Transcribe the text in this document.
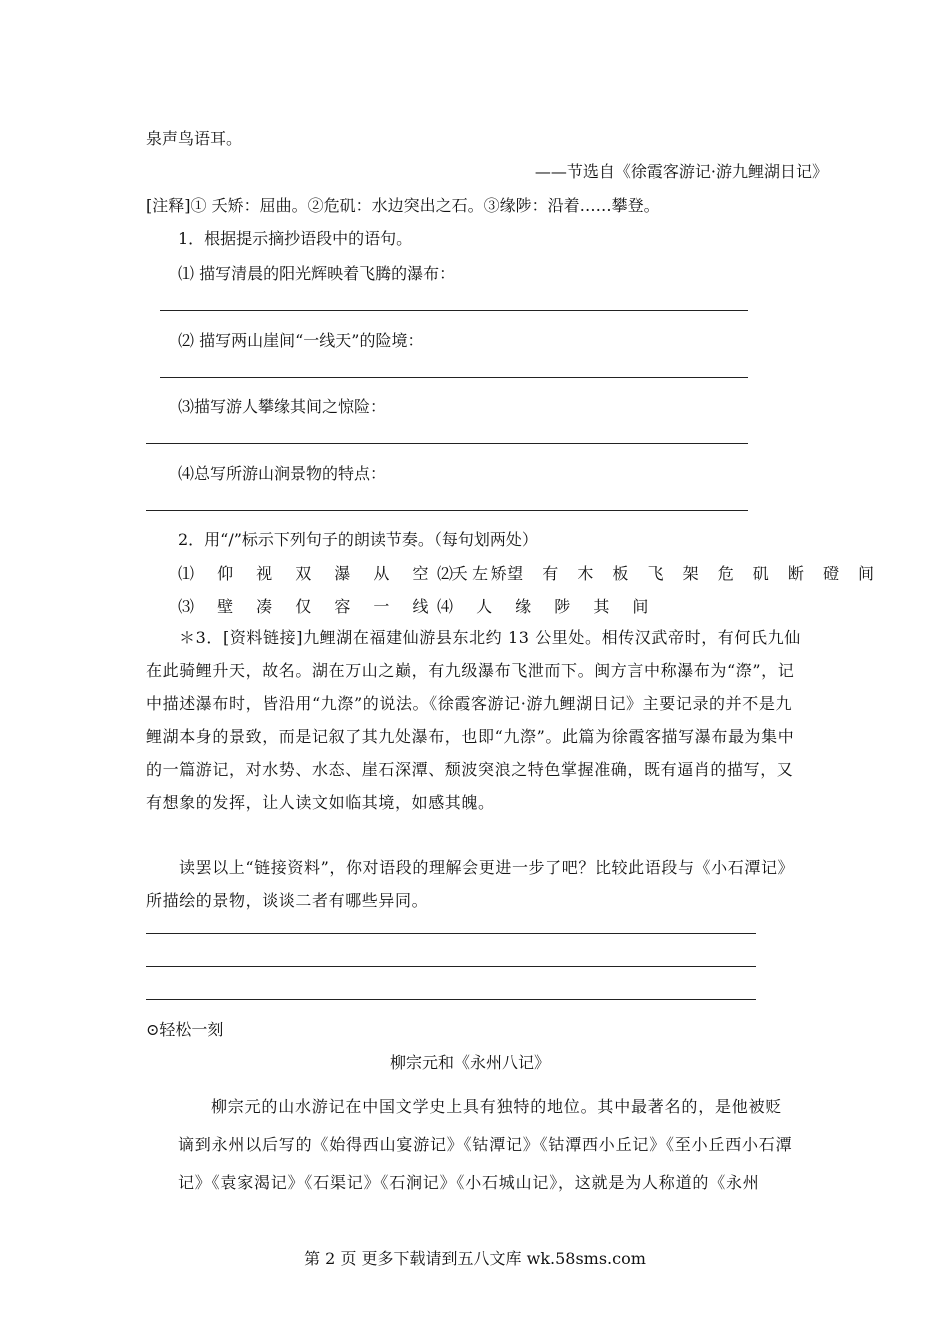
泉声鸟语耳。
——节选自《徐霞客游记·游九鲤湖日记》
[注释]① 夭矫：屈曲。②危矶：水边突出之石。③缘陟：沿着……攀登。
1．根据提示摘抄语段中的语句。
⑴ 描写清晨的阳光辉映着飞腾的瀑布：
⑵ 描写两山崖间“一线天”的险境：
⑶描写游人攀缘其间之惊险：
⑷总写所游山涧景物的特点：
2．用“/”标示下列句子的朗读节奏。（每句划两处）
⑴ 仰 视 双 瀑 从 空 夭 矫
⑵ 左 望 有 木 板 飞 架 危 矶 断 磴 间
⑶ 壁 凑 仅 容 一 线 ⑷ 人 缘 陟 其 间
＊3．[资料链接]九鲤湖在福建仙游县东北约 13 公里处。相传汉武帝时，有何氏九仙在此骑鲤升天，故名。湖在万山之巅，有九级瀑布飞泄而下。闽方言中称瀑布为“漈”，记中描述瀑布时，皆沿用“九漈”的说法。《徐霞客游记·游九鲤湖日记》主要记录的并不是九鲤湖本身的景致，而是记叙了其九处瀑布，也即“九漈”。此篇为徐霞客描写瀑布最为集中的一篇游记，对水势、水态、崖石深潭、颓波突浪之特色掌握准确，既有逼肖的描写，又有想象的发挥，让人读文如临其境，如感其魄。
读罢以上“链接资料”，你对语段的理解会更进一步了吧？比较此语段与《小石潭记》所描绘的景物，谈谈二者有哪些异同。
⊙轻松一刻
柳宗元和《永州八记》
柳宗元的山水游记在中国文学史上具有独特的地位。其中最著名的，是他被贬谪到永州以后写的《始得西山宴游记》《钴潭记》《钴潭西小丘记》《至小丘西小石潭记》《袁家渴记》《石渠记》《石涧记》《小石城山记》，这就是为人称道的《永州
第 2 页 更多下载请到五八文库 wk.58sms.com
